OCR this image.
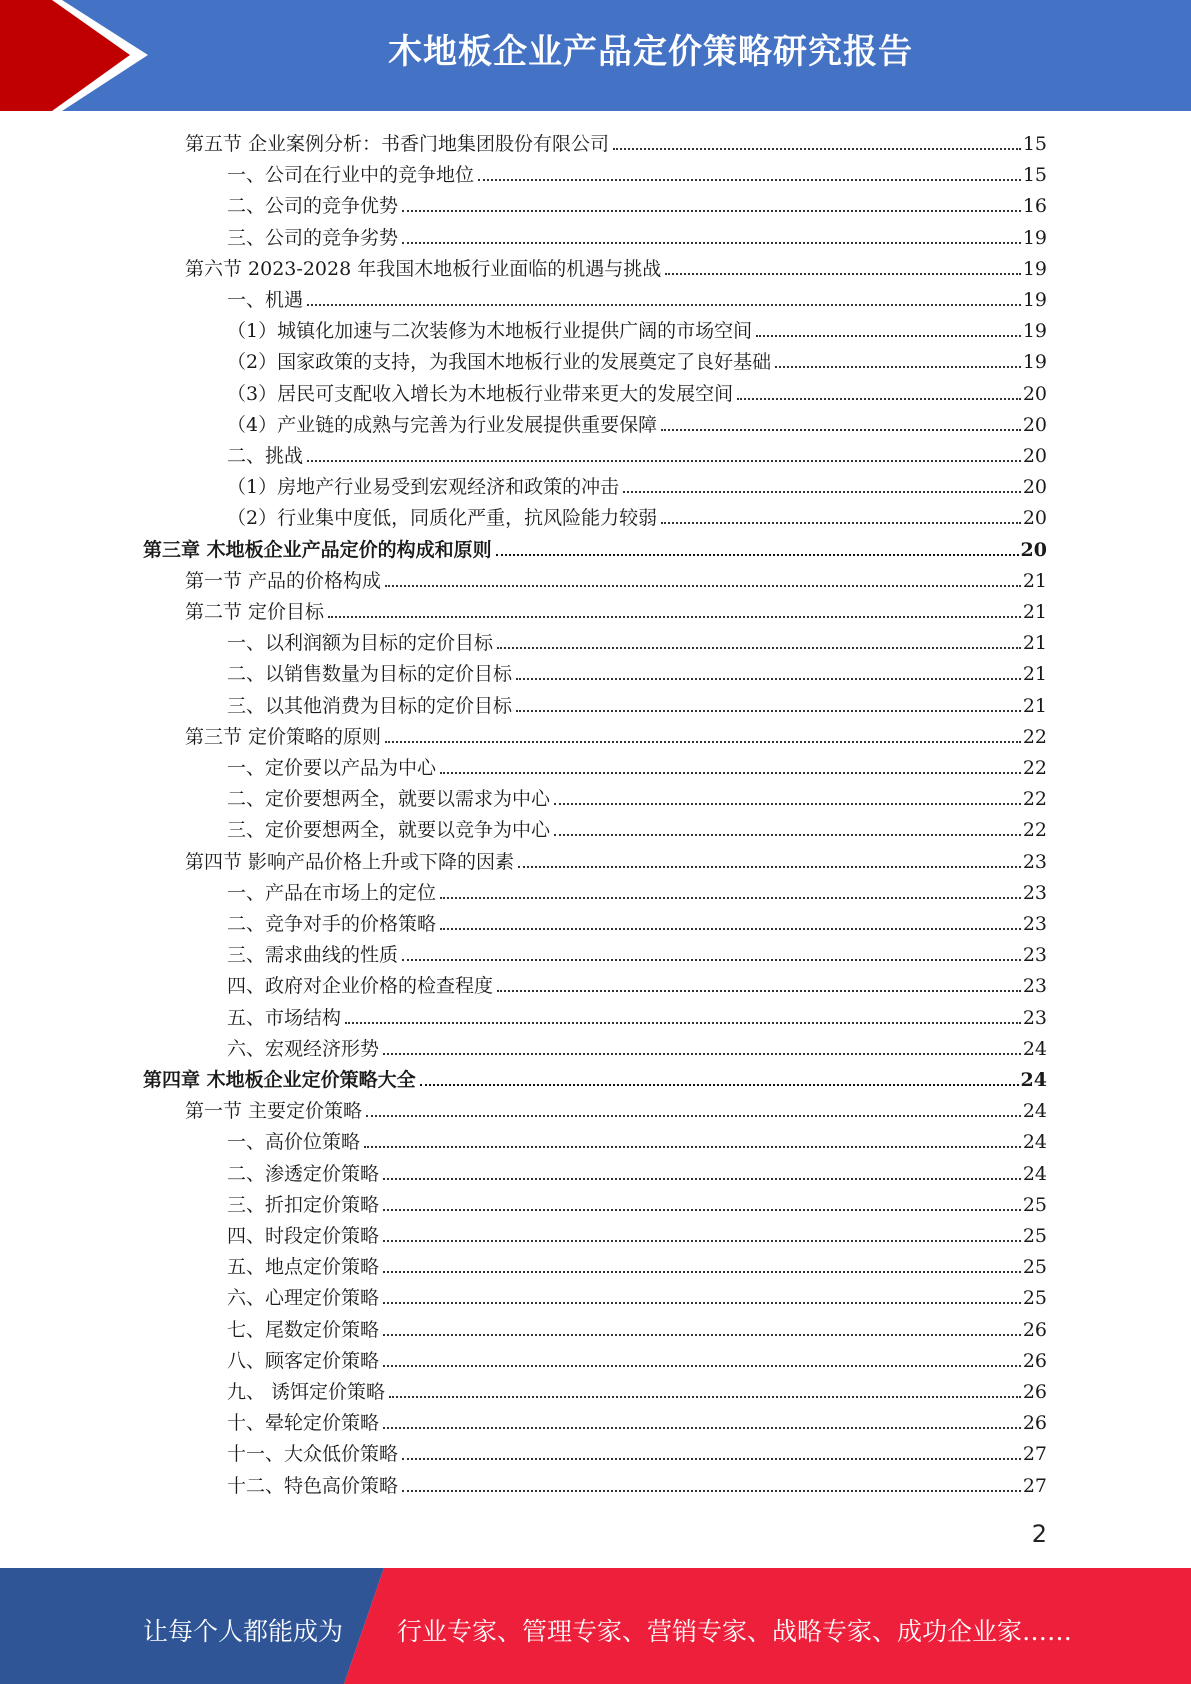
木地板企业产品定价策略研究报告
第五节 企业案例分析：书香门地集团股份有限公司	15
一、公司在行业中的竞争地位	15
二、公司的竞争优势	16
三、公司的竞争劣势	19
第六节 2023-2028 年我国木地板行业面临的机遇与挑战	19
一、机遇	19
（1）城镇化加速与二次装修为木地板行业提供广阔的市场空间	19
（2）国家政策的支持，为我国木地板行业的发展奠定了良好基础	19
（3）居民可支配收入增长为木地板行业带来更大的发展空间	20
（4）产业链的成熟与完善为行业发展提供重要保障	20
二、挑战	20
（1）房地产行业易受到宏观经济和政策的冲击	20
（2）行业集中度低，同质化严重，抗风险能力较弱	20
第三章 木地板企业产品定价的构成和原则	20
第一节 产品的价格构成	21
第二节 定价目标	21
一、以利润额为目标的定价目标	21
二、以销售数量为目标的定价目标	21
三、以其他消费为目标的定价目标	21
第三节 定价策略的原则	22
一、定价要以产品为中心	22
二、定价要想两全，就要以需求为中心	22
三、定价要想两全，就要以竞争为中心	22
第四节 影响产品价格上升或下降的因素	23
一、产品在市场上的定位	23
二、竞争对手的价格策略	23
三、需求曲线的性质	23
四、政府对企业价格的检查程度	23
五、市场结构	23
六、宏观经济形势	24
第四章 木地板企业定价策略大全	24
第一节 主要定价策略	24
一、高价位策略	24
二、渗透定价策略	24
三、折扣定价策略	25
四、时段定价策略	25
五、地点定价策略	25
六、心理定价策略	25
七、尾数定价策略	26
八、顾客定价策略	26
九、 诱饵定价策略	26
十、晕轮定价策略	26
十一、大众低价策略	27
十二、特色高价策略	27
2
让每个人都能成为 行业专家、管理专家、营销专家、战略专家、成功企业家……
